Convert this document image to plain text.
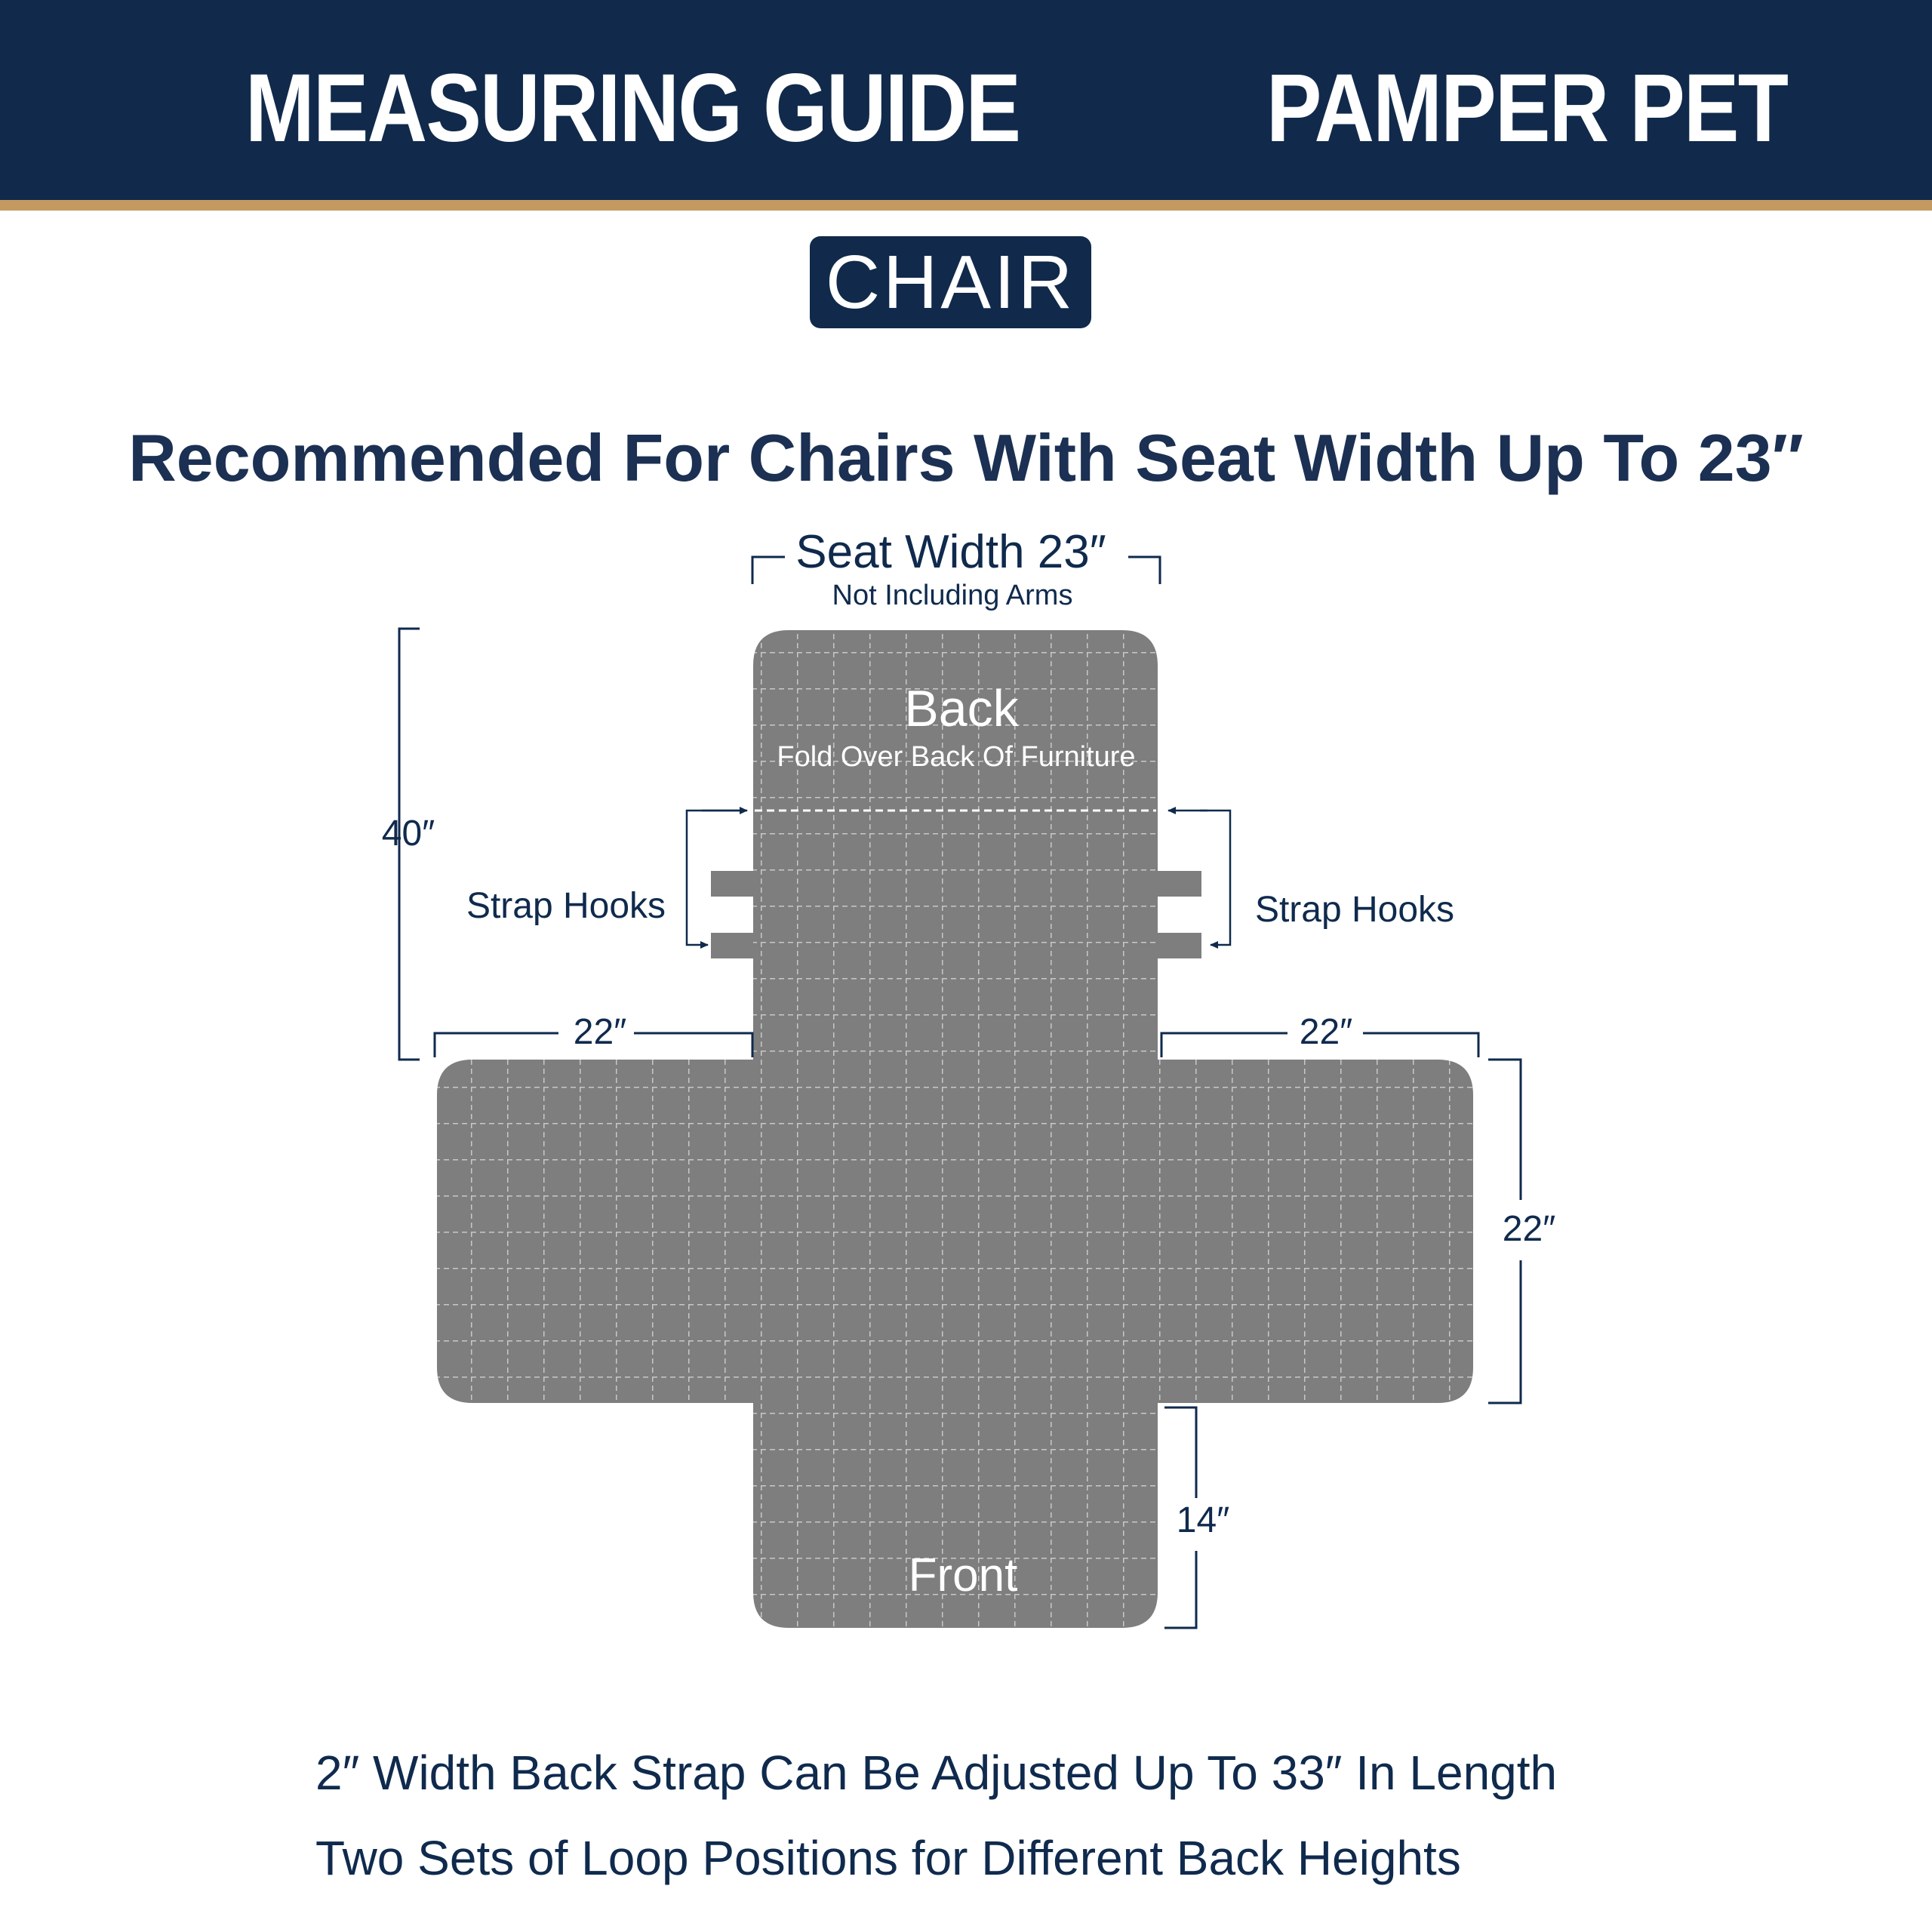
MEASURING GUIDE	PAMPER PET
CHAIR
Recommended For Chairs With Seat Width Up To 23″
Seat Width 23″
Not Including Arms
Back
Fold Over Back Of Furniture
Front
Strap Hooks	Strap Hooks
40″
22″	22″
22″
14″
2″ Width Back Strap Can Be Adjusted Up To 33″ In Length
Two Sets of Loop Positions for Different Back Heights
